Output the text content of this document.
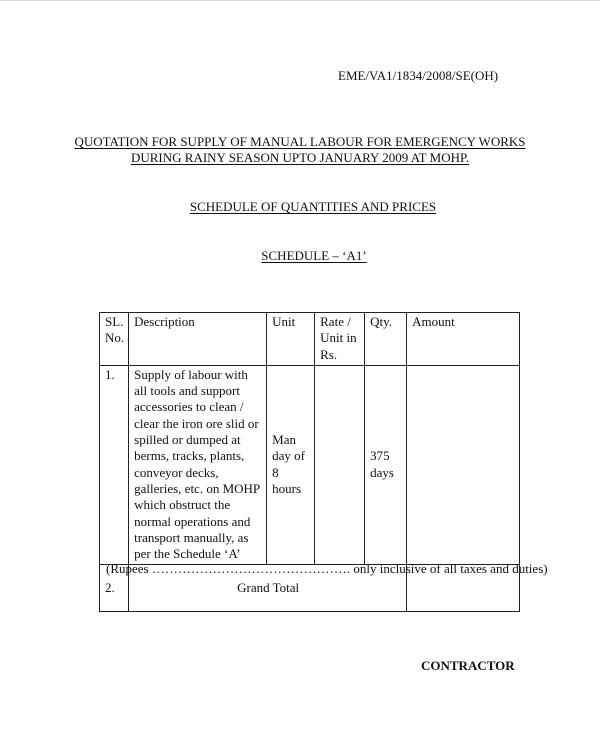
EME/VA1/1834/2008/SE(OH)
QUOTATION FOR SUPPLY OF MANUAL LABOUR FOR EMERGENCY WORKS
DURING RAINY SEASON UPTO JANUARY 2009 AT MOHP.
SCHEDULE OF QUANTITIES AND PRICES
SCHEDULE – ‘A1’
SL. No.	Description	Unit	Rate / Unit in Rs.	Qty.	Amount
1.	Supply of labour with all tools and support accessories to clean / clear the iron ore slid or spilled or dumped at berms, tracks, plants, conveyor decks, galleries, etc. on MOHP which obstruct the normal operations and transport manually, as per the Schedule ‘A’	Man day of 8 hours		375 days	
2.	Grand Total				
(Rupees ………………………………………. only inclusive of all taxes and duties)
CONTRACTOR
